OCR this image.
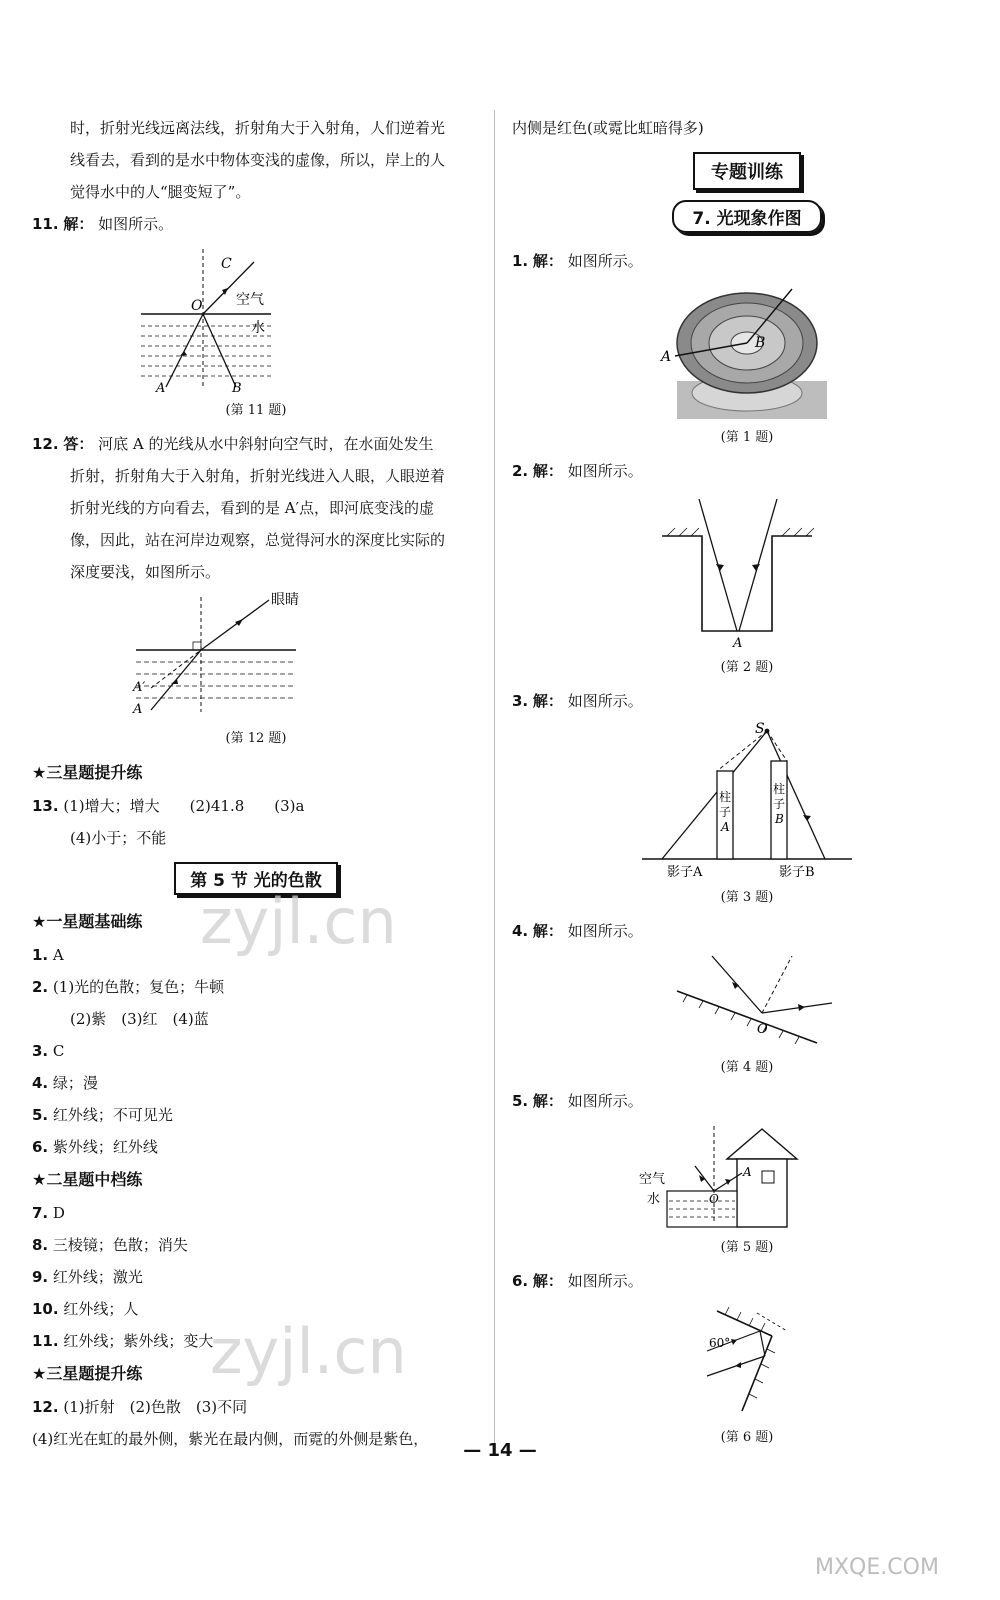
时，折射光线远离法线，折射角大于入射角，人们逆着光
线看去，看到的是水中物体变浅的虚像，所以，岸上的人
觉得水中的人“腿变短了”。
11. 解： 如图所示。
C
O 空气
水
A	B
(第 11 题)
12. 答： 河底 A 的光线从水中斜射向空气时，在水面处发生
折射，折射角大于入射角，折射光线进入人眼，人眼逆着
折射光线的方向看去，看到的是 A′点，即河底变浅的虚
像，因此，站在河岸边观察，总觉得河水的深度比实际的
深度要浅，如图所示。
眼睛
A′
A
(第 12 题)
★三星题提升练
13. (1)增大；增大　　(2)41.8　　(3)a
(4)小于；不能
第 5 节 光的色散
★一星题基础练
1. A
2. (1)光的色散；复色；牛顿
(2)紫　(3)红　(4)蓝
3. C
4. 绿；漫
5. 红外线；不可见光
6. 紫外线；红外线
★二星题中档练
7. D
8. 三棱镜；色散；消失
9. 红外线；激光
10. 红外线；人
11. 红外线；紫外线；变大
★三星题提升练
12. (1)折射　(2)色散　(3)不同
(4)红光在虹的最外侧，紫光在最内侧，而霓的外侧是紫色，
内侧是红色(或霓比虹暗得多)
专题训练
7. 光现象作图
1. 解： 如图所示。
A
B
(第 1 题)
2. 解： 如图所示。
A
(第 2 题)
3. 解： 如图所示。
S
柱
子
A
柱
子
B
影子A	影子B
(第 3 题)
4. 解： 如图所示。
O
(第 4 题)
5. 解： 如图所示。
空气
水
A
O
(第 5 题)
6. 解： 如图所示。
60°
(第 6 题)
— 14 —
zyjl.cn
zyjl.cn
MXQE.COM
